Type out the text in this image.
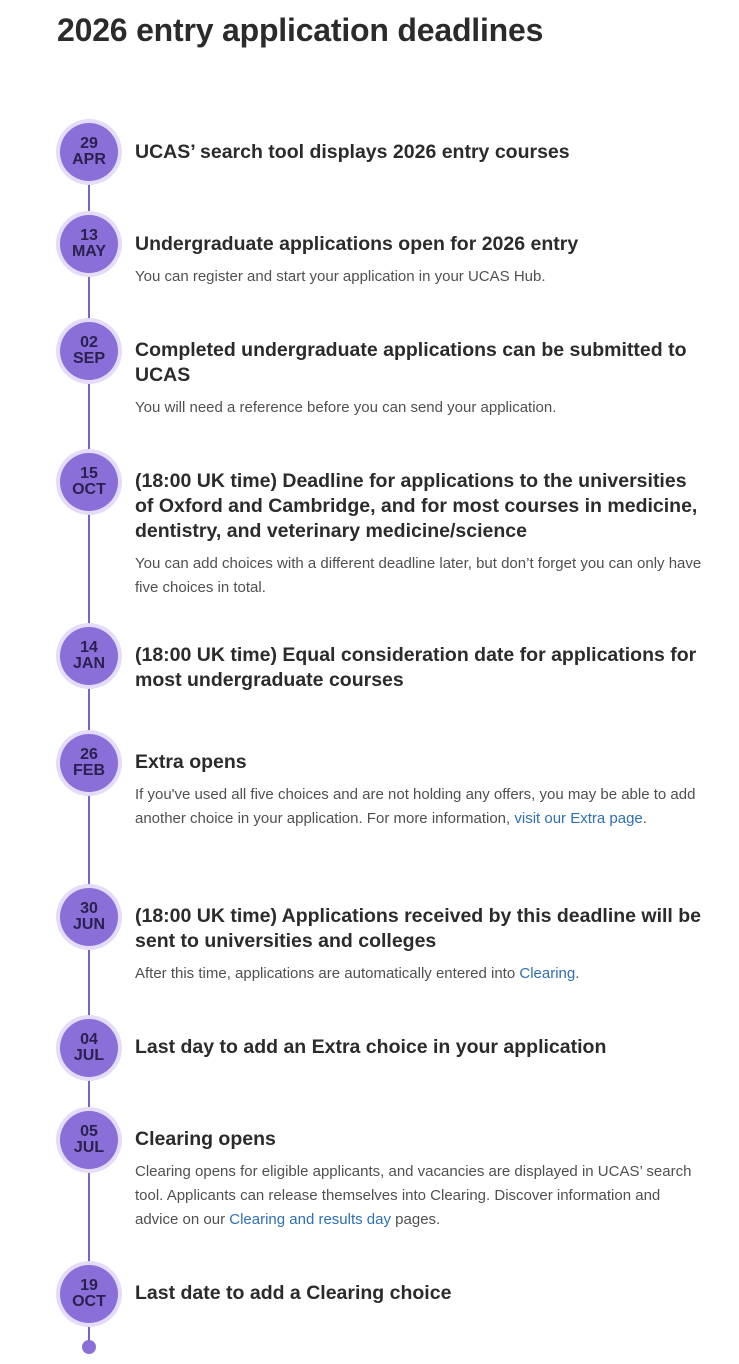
2026 entry application deadlines
29
APR UCAS’ search tool displays 2026 entry courses
13
MAY Undergraduate applications open for 2026 entry

You can register and start your application in your UCAS Hub.

02
SEP Completed undergraduate applications can be submitted to UCAS

You will need a reference before you can send your application.

15
OCT (18:00 UK time) Deadline for applications to the universities of Oxford and Cambridge, and for most courses in medicine, dentistry, and veterinary medicine/science

You can add choices with a different deadline later, but don’t forget you can only have five choices in total.

14
JAN (18:00 UK time) Equal consideration date for applications for most undergraduate courses
26
FEB Extra opens

If you've used all five choices and are not holding any offers, you may be able to add another choice in your application. For more information, visit our Extra page.

30
JUN (18:00 UK time) Applications received by this deadline will be sent to universities and colleges

After this time, applications are automatically entered into Clearing.

04
JUL Last day to add an Extra choice in your application
05
JUL Clearing opens

Clearing opens for eligible applicants, and vacancies are displayed in UCAS’ search tool. Applicants can release themselves into Clearing. Discover information and advice on our Clearing and results day pages.

19
OCT Last date to add a Clearing choice
